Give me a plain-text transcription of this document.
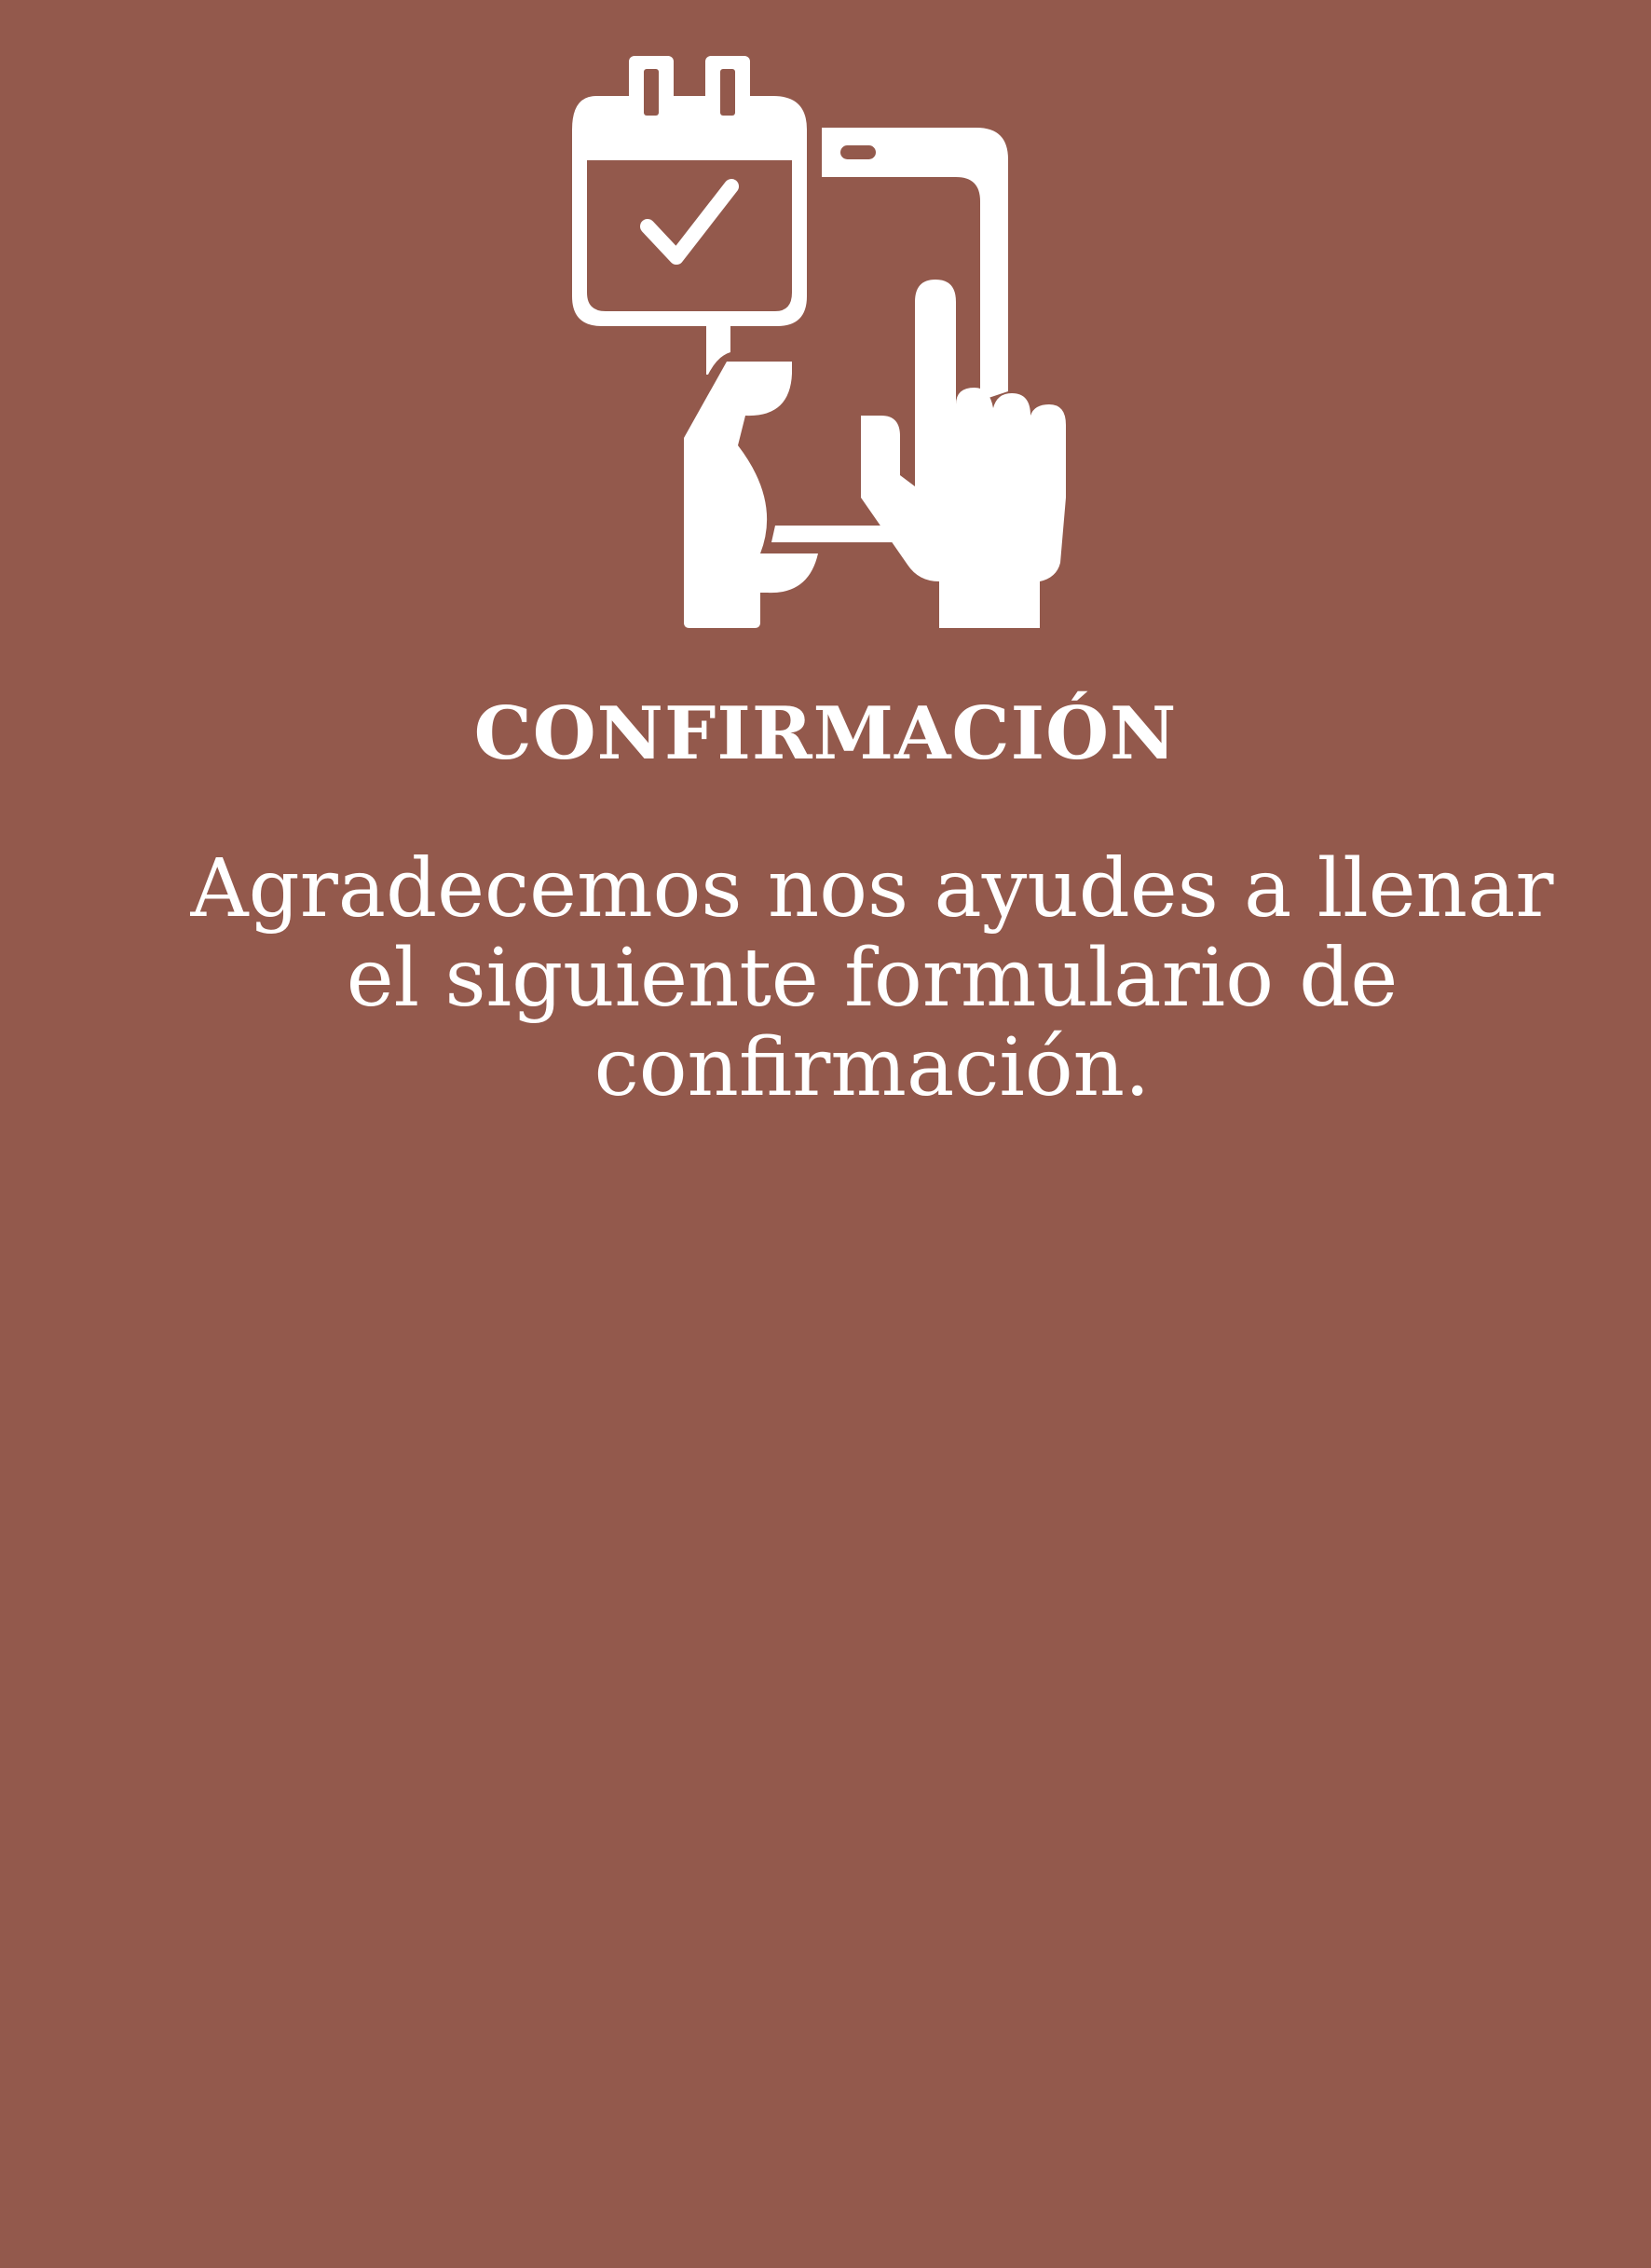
CONFIRMACIÓN

Agradecemos nos ayudes a llenar el siguiente formulario de confirmación.
